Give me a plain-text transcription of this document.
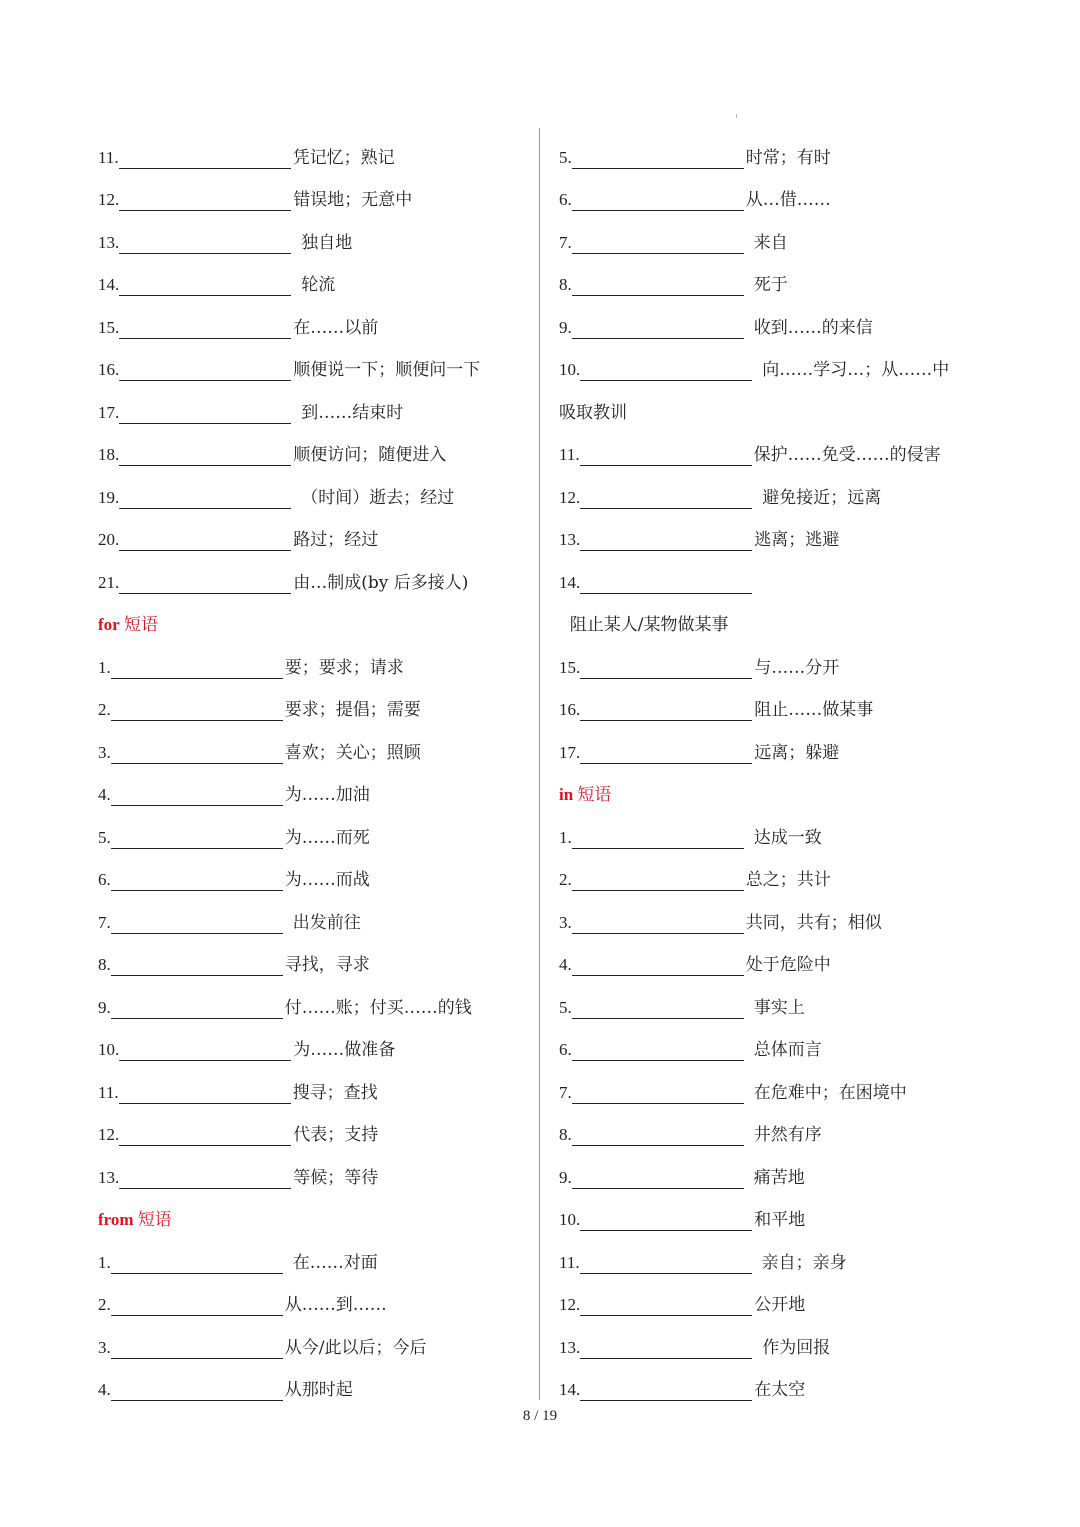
11.	凭记忆；熟记
12.	错误地；无意中
13.	独自地
14.	轮流
15.	在……以前
16.	顺便说一下；顺便问一下
17.	到……结束时
18.	顺便访问；随便进入
19.	（时间）逝去；经过
20.	路过；经过
21.	由…制成(by 后多接人)
for 短语
1.	要；要求；请求
2.	要求；提倡；需要
3.	喜欢；关心；照顾
4.	为……加油
5.	为……而死
6.	为……而战
7.	出发前往
8.	寻找，寻求
9.	付……账；付买……的钱
10.	为……做准备
11.	搜寻；查找
12.	代表；支持
13.	等候；等待
from 短语
1.	在……对面
2.	从……到……
3.	从今/此以后；今后
4.	从那时起
5.	时常；有时
6.	从…借……
7.	来自
8.	死于
9.	收到……的来信
10.	向……学习…；从……中
吸取教训
11.	保护……免受……的侵害
12.	避免接近；远离
13.	逃离；逃避
14.
阻止某人/某物做某事
15.	与……分开
16.	阻止……做某事
17.	远离；躲避
in 短语
1.	达成一致
2.	总之；共计
3.	共同，共有；相似
4.	处于危险中
5.	事实上
6.	总体而言
7.	在危难中；在困境中
8.	井然有序
9.	痛苦地
10.	和平地
11.	亲自；亲身
12.	公开地
13.	作为回报
14.	在太空
8 / 19
